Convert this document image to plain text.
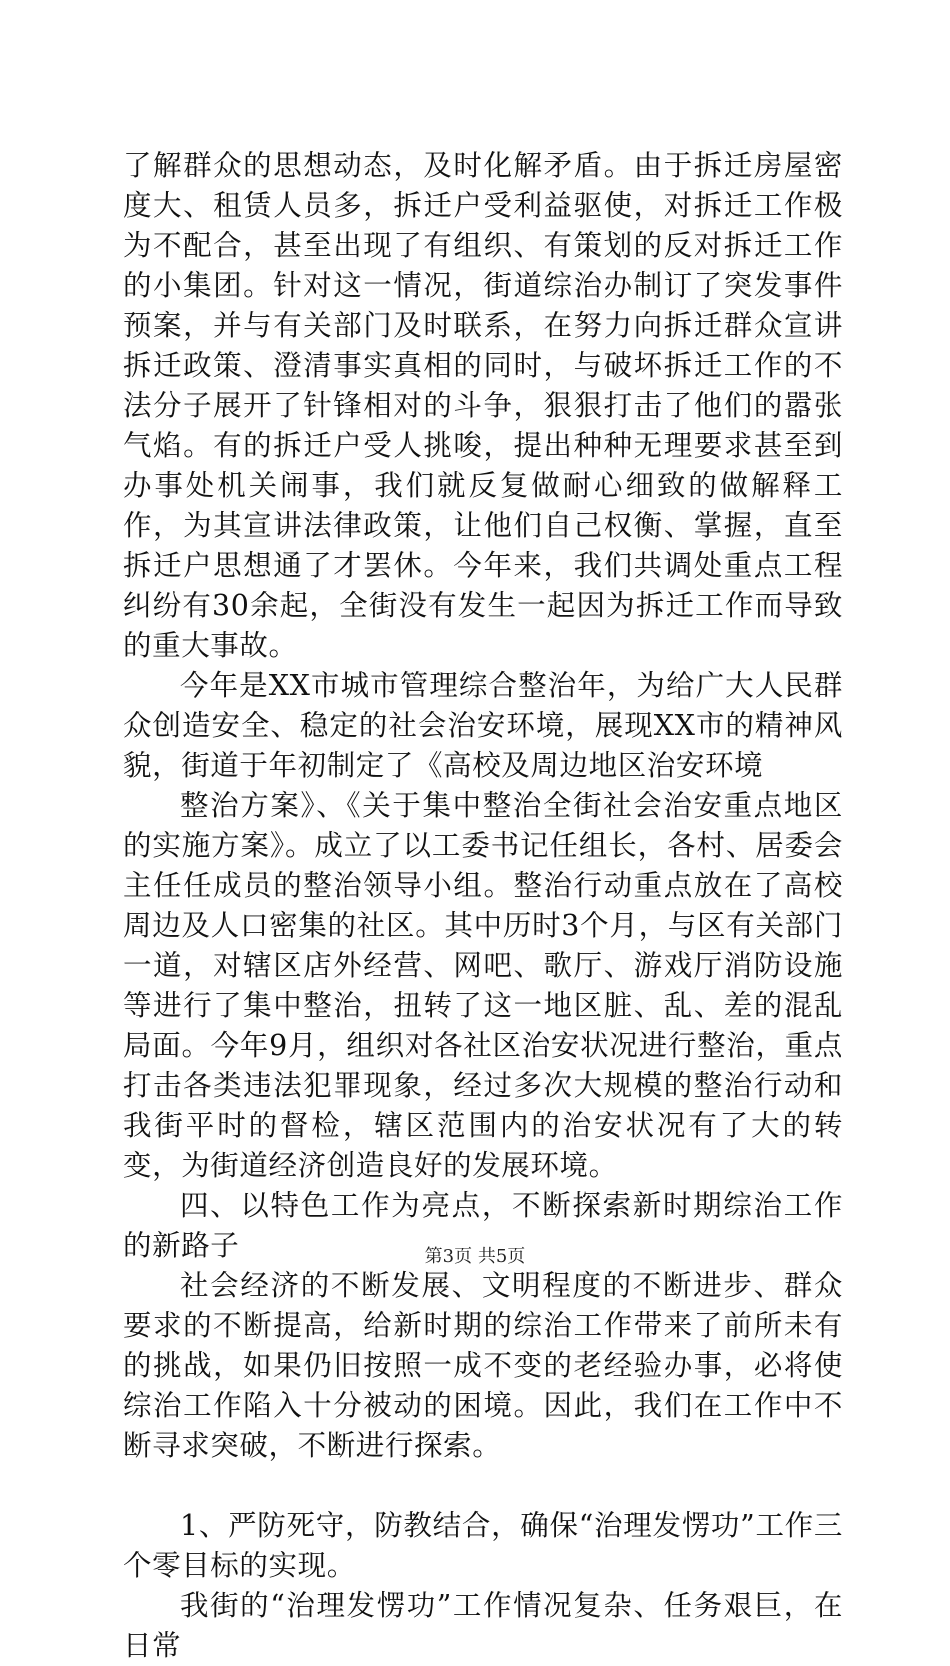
了解群众的思想动态，及时化解矛盾。由于拆迁房屋密度大、租赁人员多，拆迁户受利益驱使，对拆迁工作极为不配合，甚至出现了有组织、有策划的反对拆迁工作的小集团。针对这一情况，街道综治办制订了突发事件预案，并与有关部门及时联系，在努力向拆迁群众宣讲拆迁政策、澄清事实真相的同时，与破坏拆迁工作的不法分子展开了针锋相对的斗争，狠狠打击了他们的嚣张气焰。有的拆迁户受人挑唆，提出种种无理要求甚至到办事处机关闹事，我们就反复做耐心细致的做解释工作，为其宣讲法律政策，让他们自己权衡、掌握，直至拆迁户思想通了才罢休。今年来，我们共调处重点工程纠纷有30余起，全街没有发生一起因为拆迁工作而导致的重大事故。

今年是XX市城市管理综合整治年，为给广大人民群众创造安全、稳定的社会治安环境，展现XX市的精神风貌，街道于年初制定了《高校及周边地区治安环境

整治方案》、《关于集中整治全街社会治安重点地区的实施方案》。成立了以工委书记任组长，各村、居委会主任任成员的整治领导小组。整治行动重点放在了高校周边及人口密集的社区。其中历时3个月，与区有关部门一道，对辖区店外经营、网吧、歌厅、游戏厅消防设施等进行了集中整治，扭转了这一地区脏、乱、差的混乱局面。今年9月，组织对各社区治安状况进行整治，重点打击各类违法犯罪现象，经过多次大规模的整治行动和我街平时的督检，辖区范围内的治安状况有了大的转变，为街道经济创造良好的发展环境。

四、以特色工作为亮点，不断探索新时期综治工作的新路子

社会经济的不断发展、文明程度的不断进步、群众要求的不断提高，给新时期的综治工作带来了前所未有的挑战，如果仍旧按照一成不变的老经验办事，必将使综治工作陷入十分被动的困境。因此，我们在工作中不断寻求突破，不断进行探索。

1、严防死守，防教结合，确保“治理发愣功”工作三个零目标的实现。

我街的“治理发愣功”工作情况复杂、任务艰巨，在日常

第3页 共5页
